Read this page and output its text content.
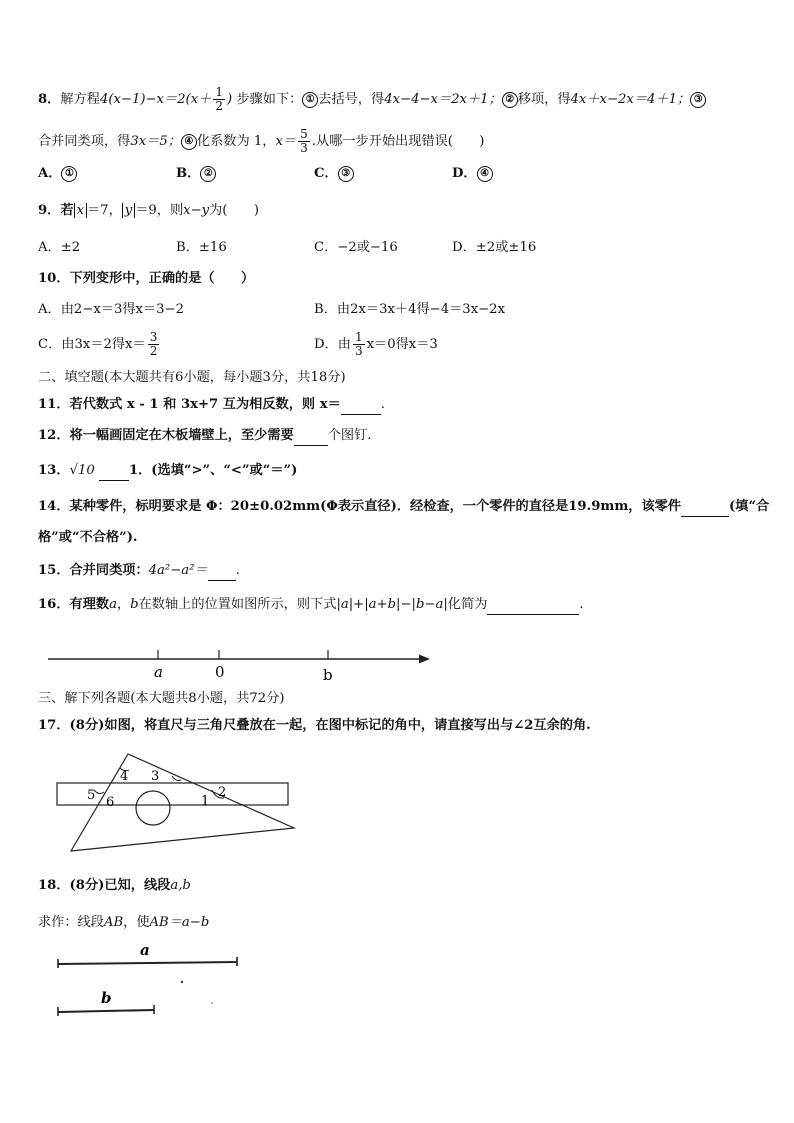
8．解方程$4(x-1)-x=2(x+ \frac{1}{2}$ ) 步骤如下： ① 去括号，得4x−4−x＝2x＋1； ② 移项，得4x＋x−2x＝4＋1； ③
合并同类项，得3x＝5； ④ 化系数为 1，$x= \frac{5}{3}$ .从哪一步开始出现错误(　　)
A． ①	B． ②	C． ③	D． ④
9．若 x ＝7， y ＝9，则x−y为(　　)
A．±2	B．±16	C．−2或−16	D．±2或±16
10．下列变形中，正确的是（　　）
A．由2−x＝3得x＝3−2	B．由2x＝3x＋4得−4＝3x−2x
C．由3x＝2得$x= \frac{3}{2}$	D．由 $\frac{1}{3} x=0$得x＝3
二、填空题(本大题共有6小题，每小题3分，共18分)
11．若代数式 x - 1 和 3x+7 互为相反数，则 x＝	.
12．将一幅画固定在木板墙壁上，至少需要	个图钉.
13．√10	1．(选填“>”、“<”或“＝”)
14．某种零件，标明要求是 Φ：20±0.02mm(Φ表示直径)．经检查，一个零件的直径是19.9mm，该零件	(填“合
格”或“不合格”).
15．合并同类项：4a²−a²＝ .
16．有理数a，b在数轴上的位置如图所示，则下式|a|+|a+b|−|b−a|化简为	.
a	0	b
三、解下列各题(本大题共8小题，共72分)
17．(8分)如图，将直尺与三角尺叠放在一起，在图中标记的角中，请直接写出与∠2互余的角.
4 3
5 6	1
2
18．(8分)已知，线段a,b
求作：线段AB，使AB＝a−b
a
b
